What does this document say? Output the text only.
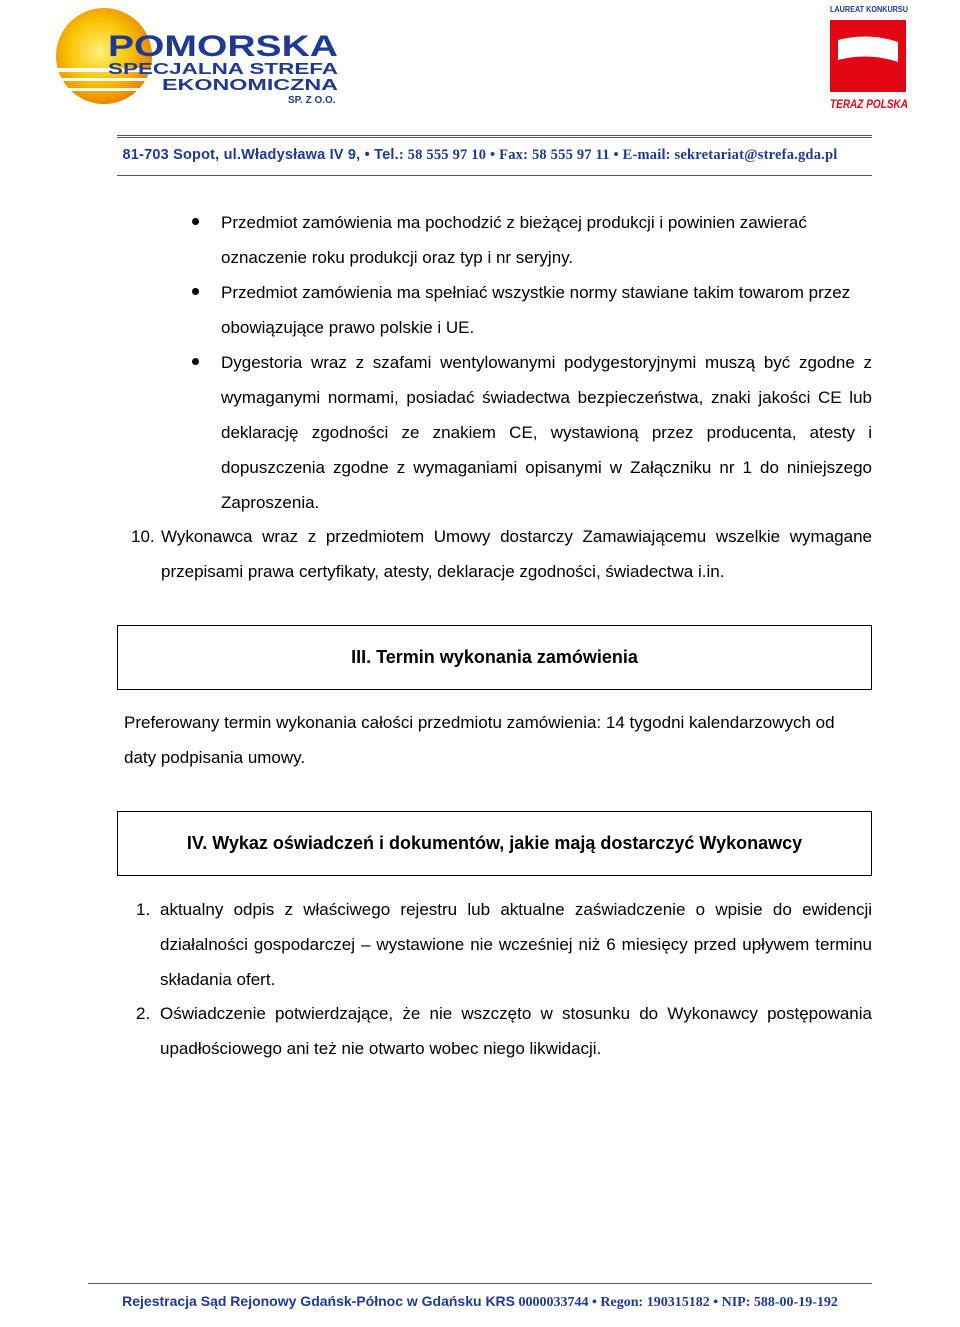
POMORSKA
SPECJALNA STREFA
EKONOMICZNA
SP. Z O.O.
LAUREAT KONKURSU
TERAZ POLSKA
81-703 Sopot, ul.Władysława IV 9, • Tel.: 58 555 97 10 • Fax: 58 555 97 11 • E-mail: sekretariat@strefa.gda.pl
Przedmiot zamówienia ma pochodzić z bieżącej produkcji i powinien zawierać oznaczenie roku produkcji oraz typ i nr seryjny.
Przedmiot zamówienia ma spełniać wszystkie normy stawiane takim towarom przez obowiązujące prawo polskie i UE.
Dygestoria wraz z szafami wentylowanymi podygestoryjnymi muszą być zgodne z wymaganymi normami, posiadać świadectwa bezpieczeństwa, znaki jakości CE lub deklarację zgodności ze znakiem CE, wystawioną przez producenta, atesty i dopuszczenia zgodne z wymaganiami opisanymi w Załączniku nr 1 do niniejszego Zaproszenia.
10. Wykonawca wraz z przedmiotem Umowy dostarczy Zamawiającemu wszelkie wymagane przepisami prawa certyfikaty, atesty, deklaracje zgodności, świadectwa i.in.
III. Termin wykonania zamówienia
Preferowany termin wykonania całości przedmiotu zamówienia: 14 tygodni kalendarzowych od daty podpisania umowy.
IV. Wykaz oświadczeń i dokumentów, jakie mają dostarczyć Wykonawcy
1. aktualny odpis z właściwego rejestru lub aktualne zaświadczenie o wpisie do ewidencji działalności gospodarczej – wystawione nie wcześniej niż 6 miesięcy przed upływem terminu składania ofert.
2. Oświadczenie potwierdzające, że nie wszczęto w stosunku do Wykonawcy postępowania upadłościowego ani też nie otwarto wobec niego likwidacji.
Rejestracja Sąd Rejonowy Gdańsk-Północ w Gdańsku KRS 0000033744 • Regon: 190315182 • NIP: 588-00-19-192
